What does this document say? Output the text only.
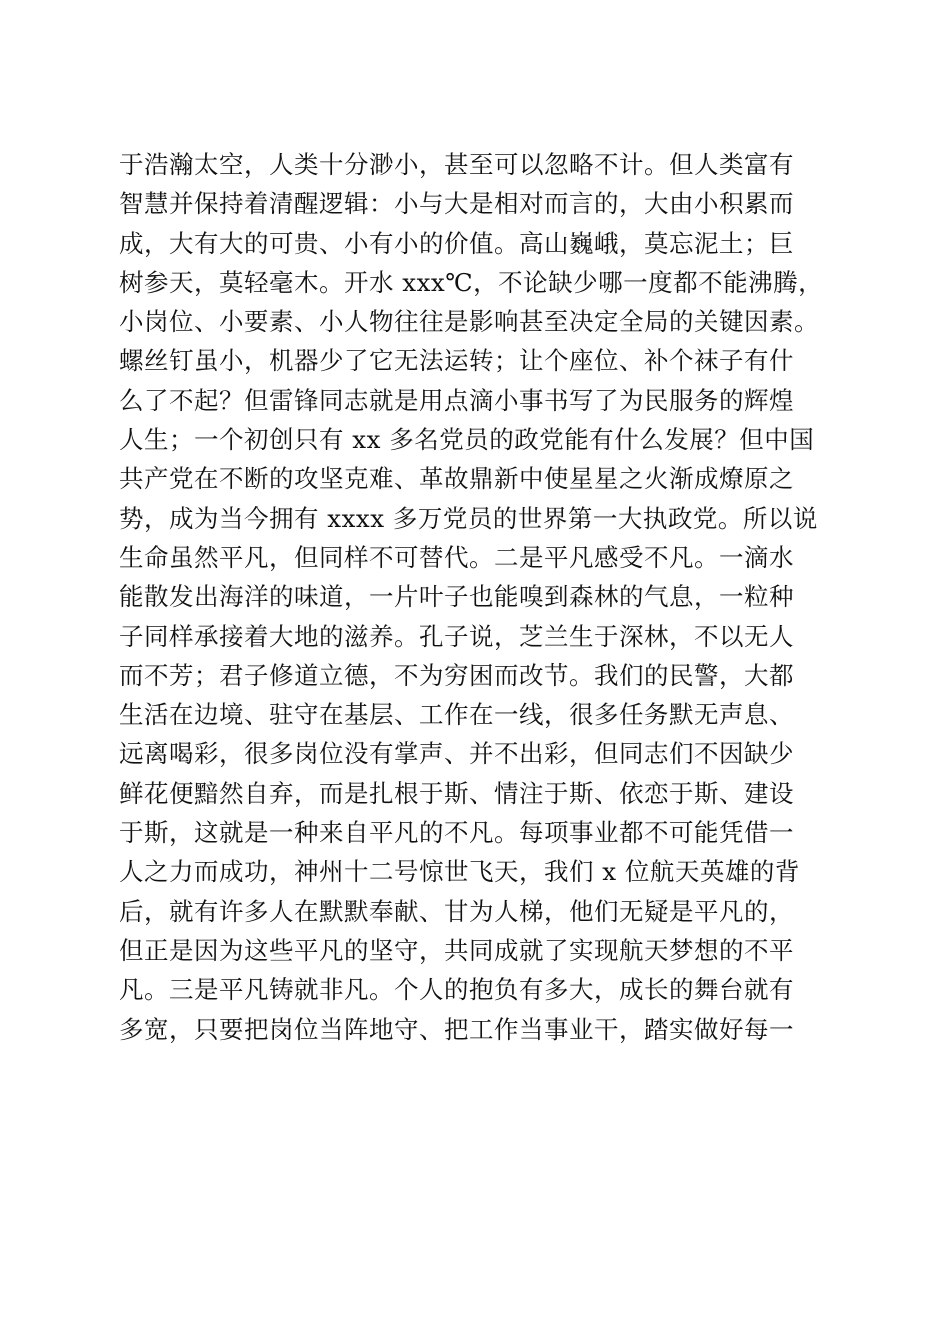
于浩瀚太空，人类十分渺小，甚至可以忽略不计。但人类富有
智慧并保持着清醒逻辑：小与大是相对而言的，大由小积累而
成，大有大的可贵、小有小的价值。高山巍峨，莫忘泥土；巨
树参天，莫轻毫木。开水 xxx℃，不论缺少哪一度都不能沸腾，
小岗位、小要素、小人物往往是影响甚至决定全局的关键因素。
螺丝钉虽小，机器少了它无法运转；让个座位、补个袜子有什
么了不起？但雷锋同志就是用点滴小事书写了为民服务的辉煌
人生；一个初创只有 xx 多名党员的政党能有什么发展？但中国
共产党在不断的攻坚克难、革故鼎新中使星星之火渐成燎原之
势，成为当今拥有 xxxx 多万党员的世界第一大执政党。所以说
生命虽然平凡，但同样不可替代。二是平凡感受不凡。一滴水
能散发出海洋的味道，一片叶子也能嗅到森林的气息，一粒种
子同样承接着大地的滋养。孔子说，芝兰生于深林，不以无人
而不芳；君子修道立德，不为穷困而改节。我们的民警，大都
生活在边境、驻守在基层、工作在一线，很多任务默无声息、
远离喝彩，很多岗位没有掌声、并不出彩，但同志们不因缺少
鲜花便黯然自弃，而是扎根于斯、情注于斯、依恋于斯、建设
于斯，这就是一种来自平凡的不凡。每项事业都不可能凭借一
人之力而成功，神州十二号惊世飞天，我们 x 位航天英雄的背
后，就有许多人在默默奉献、甘为人梯，他们无疑是平凡的，
但正是因为这些平凡的坚守，共同成就了实现航天梦想的不平
凡。三是平凡铸就非凡。个人的抱负有多大，成长的舞台就有
多宽，只要把岗位当阵地守、把工作当事业干，踏实做好每一
